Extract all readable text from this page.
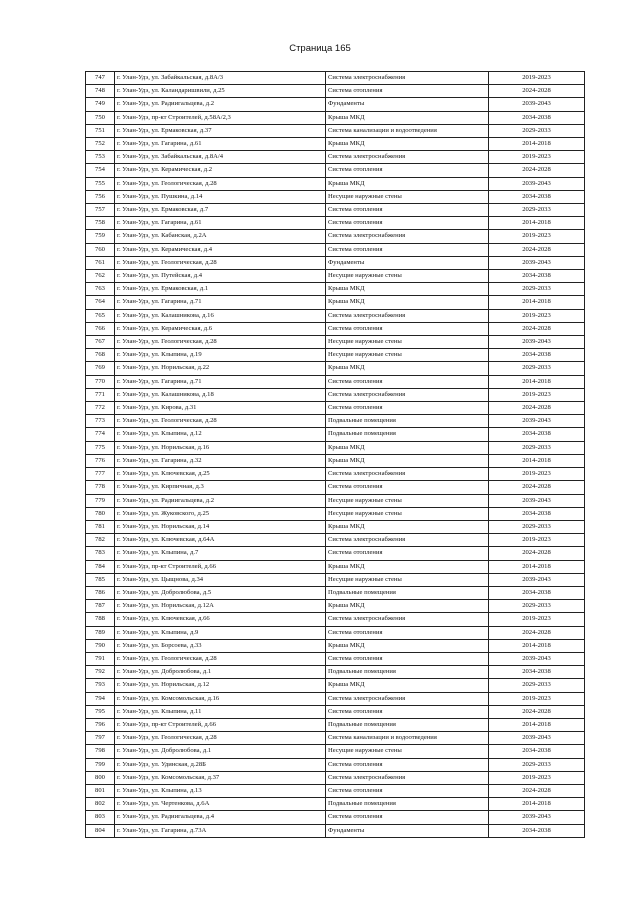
Страница 165
747	г. Улан-Удэ, ул. Забайкальская, д.8А/3	Система электроснабжения	2019-2023
748	г. Улан-Удэ, ул. Каландаришвили, д.25	Система отопления	2024-2028
749	г. Улан-Удэ, ул. Радиигальцева, д.2	Фундаменты	2039-2043
750	г. Улан-Удэ, пр-кт Строителей, д.58А/2,3	Крыша МКД	2034-2038
751	г. Улан-Удэ, ул. Ермаковская, д.37	Система канализации и водоотведения	2029-2033
752	г. Улан-Удэ, ул. Гагарина, д.61	Крыша МКД	2014-2018
753	г. Улан-Удэ, ул. Забайкальская, д.8А/4	Система электроснабжения	2019-2023
754	г. Улан-Удэ, ул. Керамическая, д.2	Система отопления	2024-2028
755	г. Улан-Удэ, ул. Геологическая, д.28	Крыша МКД	2039-2043
756	г. Улан-Удэ, ул. Пушкина, д.14	Несущие наружные стены	2034-2038
757	г. Улан-Удэ, ул. Ермаковская, д.7	Система отопления	2029-2033
758	г. Улан-Удэ, ул. Гагарина, д.61	Система отопления	2014-2018
759	г. Улан-Удэ, ул. Кабанская, д.2А	Система электроснабжения	2019-2023
760	г. Улан-Удэ, ул. Керамическая, д.4	Система отопления	2024-2028
761	г. Улан-Удэ, ул. Геологическая, д.28	Фундаменты	2039-2043
762	г. Улан-Удэ, ул. Путейская, д.4	Несущие наружные стены	2034-2038
763	г. Улан-Удэ, ул. Ермаковская, д.1	Крыша МКД	2029-2033
764	г. Улан-Удэ, ул. Гагарина, д.71	Крыша МКД	2014-2018
765	г. Улан-Удэ, ул. Калашникова, д.16	Система электроснабжения	2019-2023
766	г. Улан-Удэ, ул. Керамическая, д.6	Система отопления	2024-2028
767	г. Улан-Удэ, ул. Геологическая, д.28	Несущие наружные стены	2039-2043
768	г. Улан-Удэ, ул. Клыпина, д.19	Несущие наружные стены	2034-2038
769	г. Улан-Удэ, ул. Норильская, д.22	Крыша МКД	2029-2033
770	г. Улан-Удэ, ул. Гагарина, д.71	Система отопления	2014-2018
771	г. Улан-Удэ, ул. Калашникова, д.18	Система электроснабжения	2019-2023
772	г. Улан-Удэ, ул. Кирова, д.31	Система отопления	2024-2028
773	г. Улан-Удэ, ул. Геологическая, д.28	Подвальные помещения	2039-2043
774	г. Улан-Удэ, ул. Клыпина, д.12	Подвальные помещения	2034-2038
775	г. Улан-Удэ, ул. Норильская, д.16	Крыша МКД	2029-2033
776	г. Улан-Удэ, ул. Гагарина, д.32	Крыша МКД	2014-2018
777	г. Улан-Удэ, ул. Ключевская, д.25	Система электроснабжения	2019-2023
778	г. Улан-Удэ, ул. Кирпичная, д.3	Система отопления	2024-2028
779	г. Улан-Удэ, ул. Радиигальцева, д.2	Несущие наружные стены	2039-2043
780	г. Улан-Удэ, ул. Жуковского, д.25	Несущие наружные стены	2034-2038
781	г. Улан-Удэ, ул. Норильская, д.14	Крыша МКД	2029-2033
782	г. Улан-Удэ, ул. Ключевская, д.64А	Система электроснабжения	2019-2023
783	г. Улан-Удэ, ул. Клыпина, д.7	Система отопления	2024-2028
784	г. Улан-Удэ, пр-кт Строителей, д.66	Крыша МКД	2014-2018
785	г. Улан-Удэ, ул. Цыщнова, д.34	Несущие наружные стены	2039-2043
786	г. Улан-Удэ, ул. Добролюбова, д.5	Подвальные помещения	2034-2038
787	г. Улан-Удэ, ул. Норильская, д.12А	Крыша МКД	2029-2033
788	г. Улан-Удэ, ул. Ключевская, д.66	Система электроснабжения	2019-2023
789	г. Улан-Удэ, ул. Клыпина, д.9	Система отопления	2024-2028
790	г. Улан-Удэ, ул. Борсоева, д.33	Крыша МКД	2014-2018
791	г. Улан-Удэ, ул. Геологическая, д.28	Система отопления	2039-2043
792	г. Улан-Удэ, ул. Добролюбова, д.1	Подвальные помещения	2034-2038
793	г. Улан-Удэ, ул. Норильская, д.12	Крыша МКД	2029-2033
794	г. Улан-Удэ, ул. Комсомольская, д.16	Система электроснабжения	2019-2023
795	г. Улан-Удэ, ул. Клыпина, д.11	Система отопления	2024-2028
796	г. Улан-Удэ, пр-кт Строителей, д.66	Подвальные помещения	2014-2018
797	г. Улан-Удэ, ул. Геологическая, д.28	Система канализации и водоотведения	2039-2043
798	г. Улан-Удэ, ул. Добролюбова, д.1	Несущие наружные стены	2034-2038
799	г. Улан-Удэ, ул. Удинская, д.28Б	Система отопления	2029-2033
800	г. Улан-Удэ, ул. Комсомольская, д.37	Система электроснабжения	2019-2023
801	г. Улан-Удэ, ул. Клыпина, д.13	Система отопления	2024-2028
802	г. Улан-Удэ, ул. Чертенкова, д.6А	Подвальные помещения	2014-2018
803	г. Улан-Удэ, ул. Радиигальцева, д.4	Система отопления	2039-2043
804	г. Улан-Удэ, ул. Гагарина, д.73А	Фундаменты	2034-2038
